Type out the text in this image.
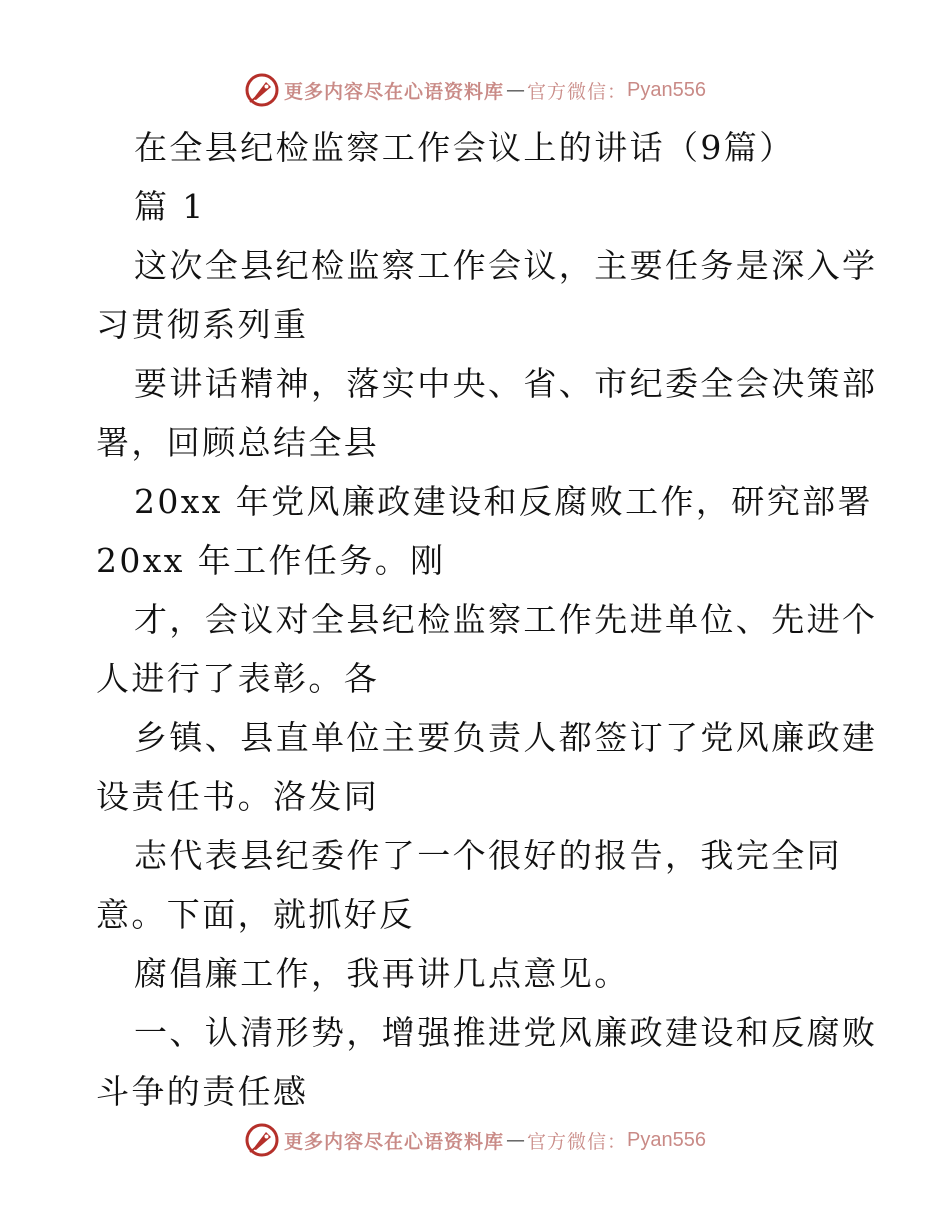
更多内容尽在心语资料库 — 官方微信： Pyan556
在全县纪检监察工作会议上的讲话（9篇）
篇 1
这次全县纪检监察工作会议，主要任务是深入学
习贯彻系列重
要讲话精神，落实中央、省、市纪委全会决策部
署，回顾总结全县
20xx 年党风廉政建设和反腐败工作，研究部署
20xx 年工作任务。刚
才，会议对全县纪检监察工作先进单位、先进个
人进行了表彰。各
乡镇、县直单位主要负责人都签订了党风廉政建
设责任书。洛发同
志代表县纪委作了一个很好的报告，我完全同
意。下面，就抓好反
腐倡廉工作，我再讲几点意见。
一、认清形势，增强推进党风廉政建设和反腐败
斗争的责任感
更多内容尽在心语资料库 — 官方微信： Pyan556
